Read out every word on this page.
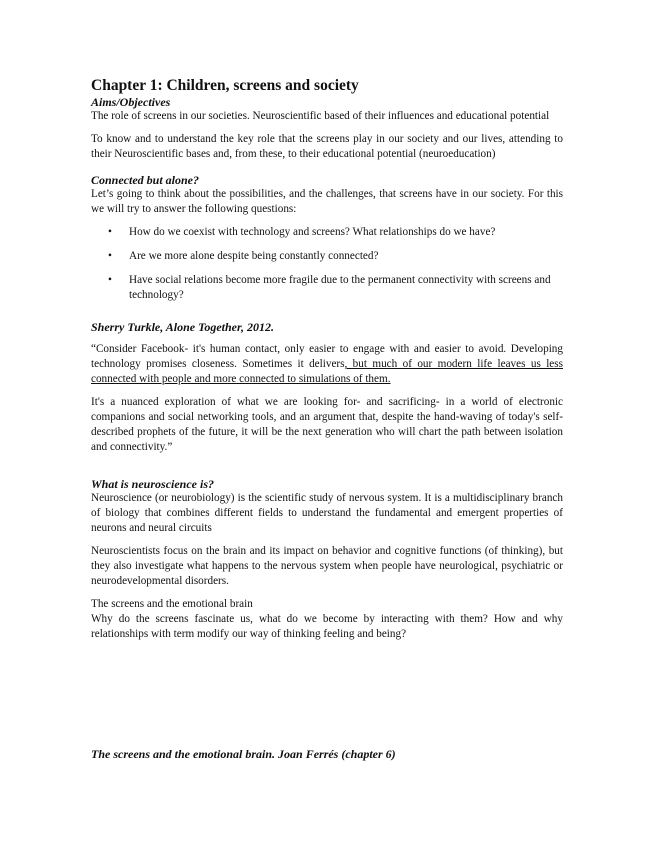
Chapter 1: Children, screens and society
Aims/Objectives

The role of screens in our societies. Neuroscientific based of their influences and educational potential

To know and to understand the key role that the screens play in our society and our lives, attending to their Neuroscientific bases and, from these, to their educational potential (neuroeducation)

Connected but alone?

Let’s going to think about the possibilities, and the challenges, that screens have in our society. For this we will try to answer the following questions:

• How do we coexist with technology and screens? What relationships do we have?
• Are we more alone despite being constantly connected?
• Have social relations become more fragile due to the permanent connectivity with screens and technology?
Sherry Turkle, Alone Together, 2012.

“Consider Facebook- it's human contact, only easier to engage with and easier to avoid. Developing technology promises closeness. Sometimes it delivers, but much of our modern life leaves us less connected with people and more connected to simulations of them.

It's a nuanced exploration of what we are looking for- and sacrificing- in a world of electronic companions and social networking tools, and an argument that, despite the hand-waving of today's self-described prophets of the future, it will be the next generation who will chart the path between isolation and connectivity.”

What is neuroscience is?

Neuroscience (or neurobiology) is the scientific study of nervous system. It is a multidisciplinary branch of biology that combines different fields to understand the fundamental and emergent properties of neurons and neural circuits

Neuroscientists focus on the brain and its impact on behavior and cognitive functions (of thinking), but they also investigate what happens to the nervous system when people have neurological, psychiatric or neurodevelopmental disorders.

The screens and the emotional brain

Why do the screens fascinate us, what do we become by interacting with them? How and why relationships with term modify our way of thinking feeling and being?

The screens and the emotional brain. Joan Ferrés (chapter 6)
